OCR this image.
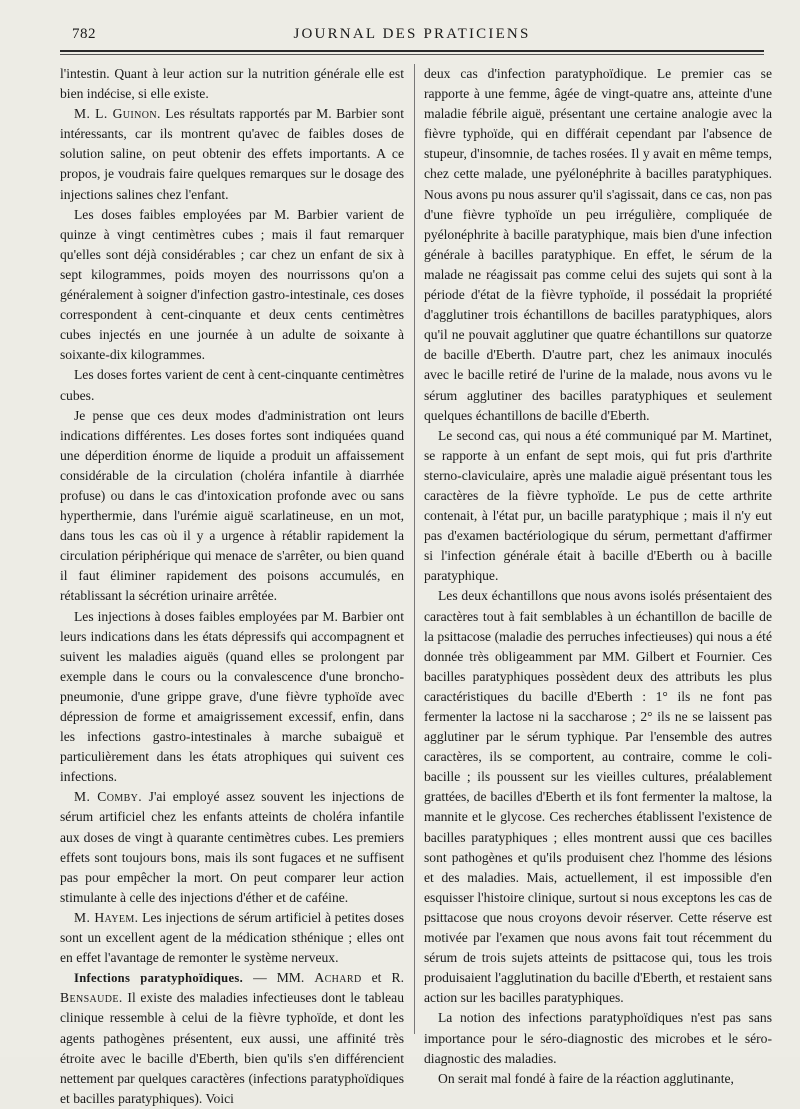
782	JOURNAL DES PRATICIENS

l'intestin. Quant à leur action sur la nutrition générale elle est bien indécise, si elle existe.

M. L. Guinon. Les résultats rapportés par M. Barbier sont intéressants, car ils montrent qu'avec de faibles doses de solution saline, on peut obtenir des effets importants. A ce propos, je voudrais faire quelques remarques sur le dosage des injections salines chez l'enfant.

Les doses faibles employées par M. Barbier varient de quinze à vingt centimètres cubes ; mais il faut remarquer qu'elles sont déjà considérables ; car chez un enfant de six à sept kilogrammes, poids moyen des nourrissons qu'on a généralement à soigner d'infection gastro-intestinale, ces doses correspondent à cent-cinquante et deux cents centimètres cubes injectés en une journée à un adulte de soixante à soixante-dix kilogrammes.

Les doses fortes varient de cent à cent-cinquante centimètres cubes.

Je pense que ces deux modes d'administration ont leurs indications différentes. Les doses fortes sont indiquées quand une déperdition énorme de liquide a produit un affaissement considérable de la circulation (choléra infantile à diarrhée profuse) ou dans le cas d'intoxication profonde avec ou sans hyperthermie, dans l'urémie aiguë scarlatineuse, en un mot, dans tous les cas où il y a urgence à rétablir rapidement la circulation périphérique qui menace de s'arrêter, ou bien quand il faut éliminer rapidement des poisons accumulés, en rétablissant la sécrétion urinaire arrêtée.

Les injections à doses faibles employées par M. Barbier ont leurs indications dans les états dépressifs qui accompagnent et suivent les maladies aiguës (quand elles se prolongent par exemple dans le cours ou la convalescence d'une broncho-pneumonie, d'une grippe grave, d'une fièvre typhoïde avec dépression de forme et amaigrissement excessif, enfin, dans les infections gastro-intestinales à marche subaiguë et particulièrement dans les états atrophiques qui suivent ces infections.

M. Comby. J'ai employé assez souvent les injections de sérum artificiel chez les enfants atteints de choléra infantile aux doses de vingt à quarante centimètres cubes. Les premiers effets sont toujours bons, mais ils sont fugaces et ne suffisent pas pour empêcher la mort. On peut comparer leur action stimulante à celle des injections d'éther et de caféine.

M. Hayem. Les injections de sérum artificiel à petites doses sont un excellent agent de la médication sthénique ; elles ont en effet l'avantage de remonter le système nerveux.

Infections paratyphoïdiques. — MM. Achard et R. Bensaude. Il existe des maladies infectieuses dont le tableau clinique ressemble à celui de la fièvre typhoïde, et dont les agents pathogènes présentent, eux aussi, une affinité très étroite avec le bacille d'Eberth, bien qu'ils s'en différencient nettement par quelques caractères (infections paratyphoïdiques et bacilles paratyphiques). Voici

deux cas d'infection paratyphoïdique. Le premier cas se rapporte à une femme, âgée de vingt-quatre ans, atteinte d'une maladie fébrile aiguë, présentant une certaine analogie avec la fièvre typhoïde, qui en différait cependant par l'absence de stupeur, d'insomnie, de taches rosées. Il y avait en même temps, chez cette malade, une pyélonéphrite à bacilles paratyphiques. Nous avons pu nous assurer qu'il s'agissait, dans ce cas, non pas d'une fièvre typhoïde un peu irrégulière, compliquée de pyélonéphrite à bacille paratyphique, mais bien d'une infection générale à bacilles paratyphique. En effet, le sérum de la malade ne réagissait pas comme celui des sujets qui sont à la période d'état de la fièvre typhoïde, il possédait la propriété d'agglutiner trois échantillons de bacilles paratyphiques, alors qu'il ne pouvait agglutiner que quatre échantillons sur quatorze de bacille d'Eberth. D'autre part, chez les animaux inoculés avec le bacille retiré de l'urine de la malade, nous avons vu le sérum agglutiner des bacilles paratyphiques et seulement quelques échantillons de bacille d'Eberth.

Le second cas, qui nous a été communiqué par M. Martinet, se rapporte à un enfant de sept mois, qui fut pris d'arthrite sterno-claviculaire, après une maladie aiguë présentant tous les caractères de la fièvre typhoïde. Le pus de cette arthrite contenait, à l'état pur, un bacille paratyphique ; mais il n'y eut pas d'examen bactériologique du sérum, permettant d'affirmer si l'infection générale était à bacille d'Eberth ou à bacille paratyphique.

Les deux échantillons que nous avons isolés présentaient des caractères tout à fait semblables à un échantillon de bacille de la psittacose (maladie des perruches infectieuses) qui nous a été donnée très obligeamment par MM. Gilbert et Fournier. Ces bacilles paratyphiques possèdent deux des attributs les plus caractéristiques du bacille d'Eberth : 1° ils ne font pas fermenter la lactose ni la saccharose ; 2° ils ne se laissent pas agglutiner par le sérum typhique. Par l'ensemble des autres caractères, ils se comportent, au contraire, comme le coli-bacille ; ils poussent sur les vieilles cultures, préalablement grattées, de bacilles d'Eberth et ils font fermenter la maltose, la mannite et le glycose. Ces recherches établissent l'existence de bacilles paratyphiques ; elles montrent aussi que ces bacilles sont pathogènes et qu'ils produisent chez l'homme des lésions et des maladies. Mais, actuellement, il est impossible d'en esquisser l'histoire clinique, surtout si nous exceptons les cas de psittacose que nous croyons devoir réserver. Cette réserve est motivée par l'examen que nous avons fait tout récemment du sérum de trois sujets atteints de psittacose qui, tous les trois produisaient l'agglutination du bacille d'Eberth, et restaient sans action sur les bacilles paratyphiques.

La notion des infections paratyphoïdiques n'est pas sans importance pour le séro-diagnostic des microbes et le séro-diagnostic des maladies.

On serait mal fondé à faire de la réaction agglutinante,
